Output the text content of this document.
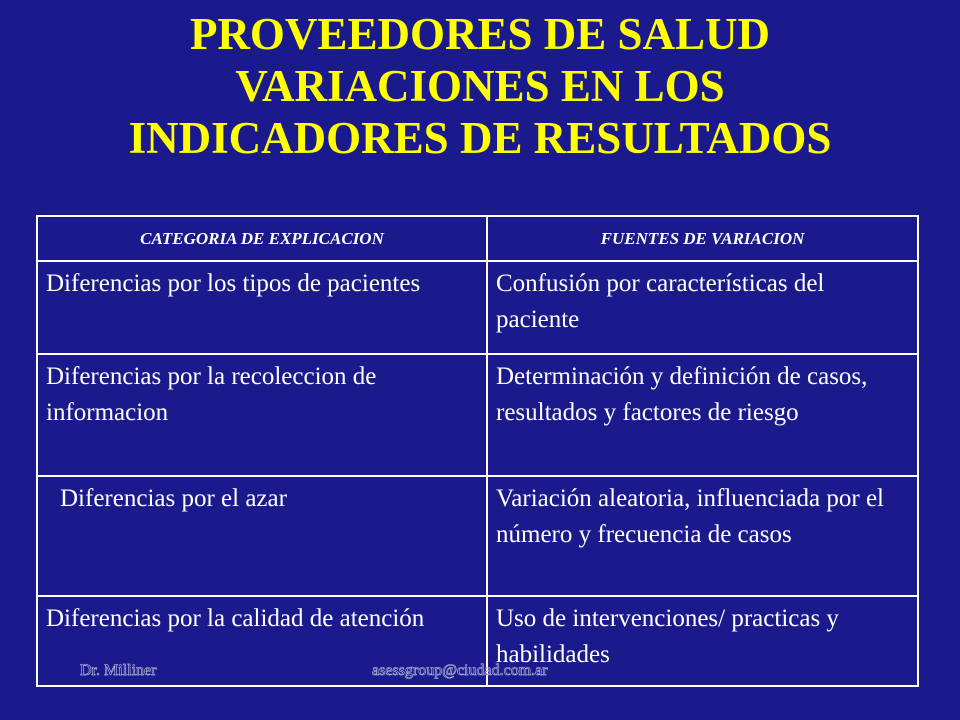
PROVEEDORES DE SALUD
VARIACIONES EN LOS
INDICADORES DE RESULTADOS
CATEGORIA DE EXPLICACION	FUENTES DE VARIACION
Diferencias por los tipos de pacientes	Confusión por características del paciente
Diferencias por la recoleccion de informacion	Determinación y definición de casos, resultados y factores de riesgo
Diferencias por el azar	Variación aleatoria, influenciada por el número y frecuencia de casos
Diferencias por la calidad de atención	Uso de intervenciones/ practicas y habilidades
Dr. Milliner	asessgroup@ciudad.com.ar
